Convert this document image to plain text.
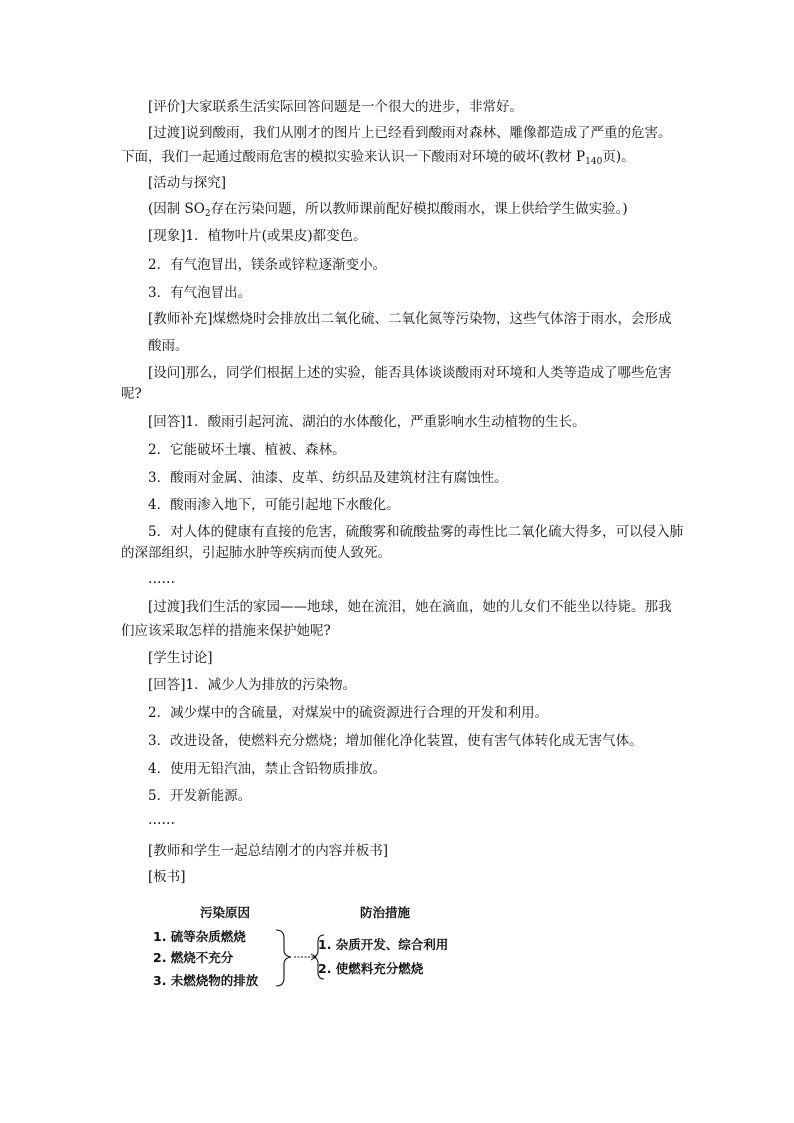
[评价]大家联系生活实际回答问题是一个很大的进步，非常好。
[过渡]说到酸雨，我们从刚才的图片上已经看到酸雨对森林、雕像都造成了严重的危害。
下面，我们一起通过酸雨危害的模拟实验来认识一下酸雨对环境的破坏(教材 $P_{140}$页)。
[活动与探究]
(因制 $SO_2$存在污染问题，所以教师课前配好模拟酸雨水，课上供给学生做实验。)
[现象]1．植物叶片(或果皮)都变色。
2．有气泡冒出，镁条或锌粒逐渐变小。
3．有气泡冒出。
[教师补充]煤燃烧时会排放出二氧化硫、二氧化氮等污染物，这些气体溶于雨水，会形成
酸雨。
[设问]那么，同学们根据上述的实验，能否具体谈谈酸雨对环境和人类等造成了哪些危害
呢?
[回答]1．酸雨引起河流、湖泊的水体酸化，严重影响水生动植物的生长。
2．它能破坏土壤、植被、森林。
3．酸雨对金属、油漆、皮革、纺织品及建筑材注有腐蚀性。
4．酸雨渗入地下，可能引起地下水酸化。
5．对人体的健康有直接的危害，硫酸雾和硫酸盐雾的毒性比二氧化硫大得多，可以侵入肺
的深部组织，引起肺水肿等疾病而使人致死。
……
[过渡]我们生活的家园——地球，她在流泪，她在滴血，她的儿女们不能坐以待毙。那我
们应该采取怎样的措施来保护她呢?
[学生讨论]
[回答]1．减少人为排放的污染物。
2．减少煤中的含硫量，对煤炭中的硫资源进行合理的开发和利用。
3．改进设备，使燃料充分燃烧；增加催化净化装置，使有害气体转化成无害气体。
4．使用无铅汽油，禁止含铅物质排放。
5．开发新能源。
……
[教师和学生一起总结刚才的内容并板书]
[板书]
污染原因	防治措施
1. 硫等杂质燃烧
2. 燃烧不充分
3. 未燃烧物的排放
1. 杂质开发、综合利用
2. 使燃料充分燃烧
